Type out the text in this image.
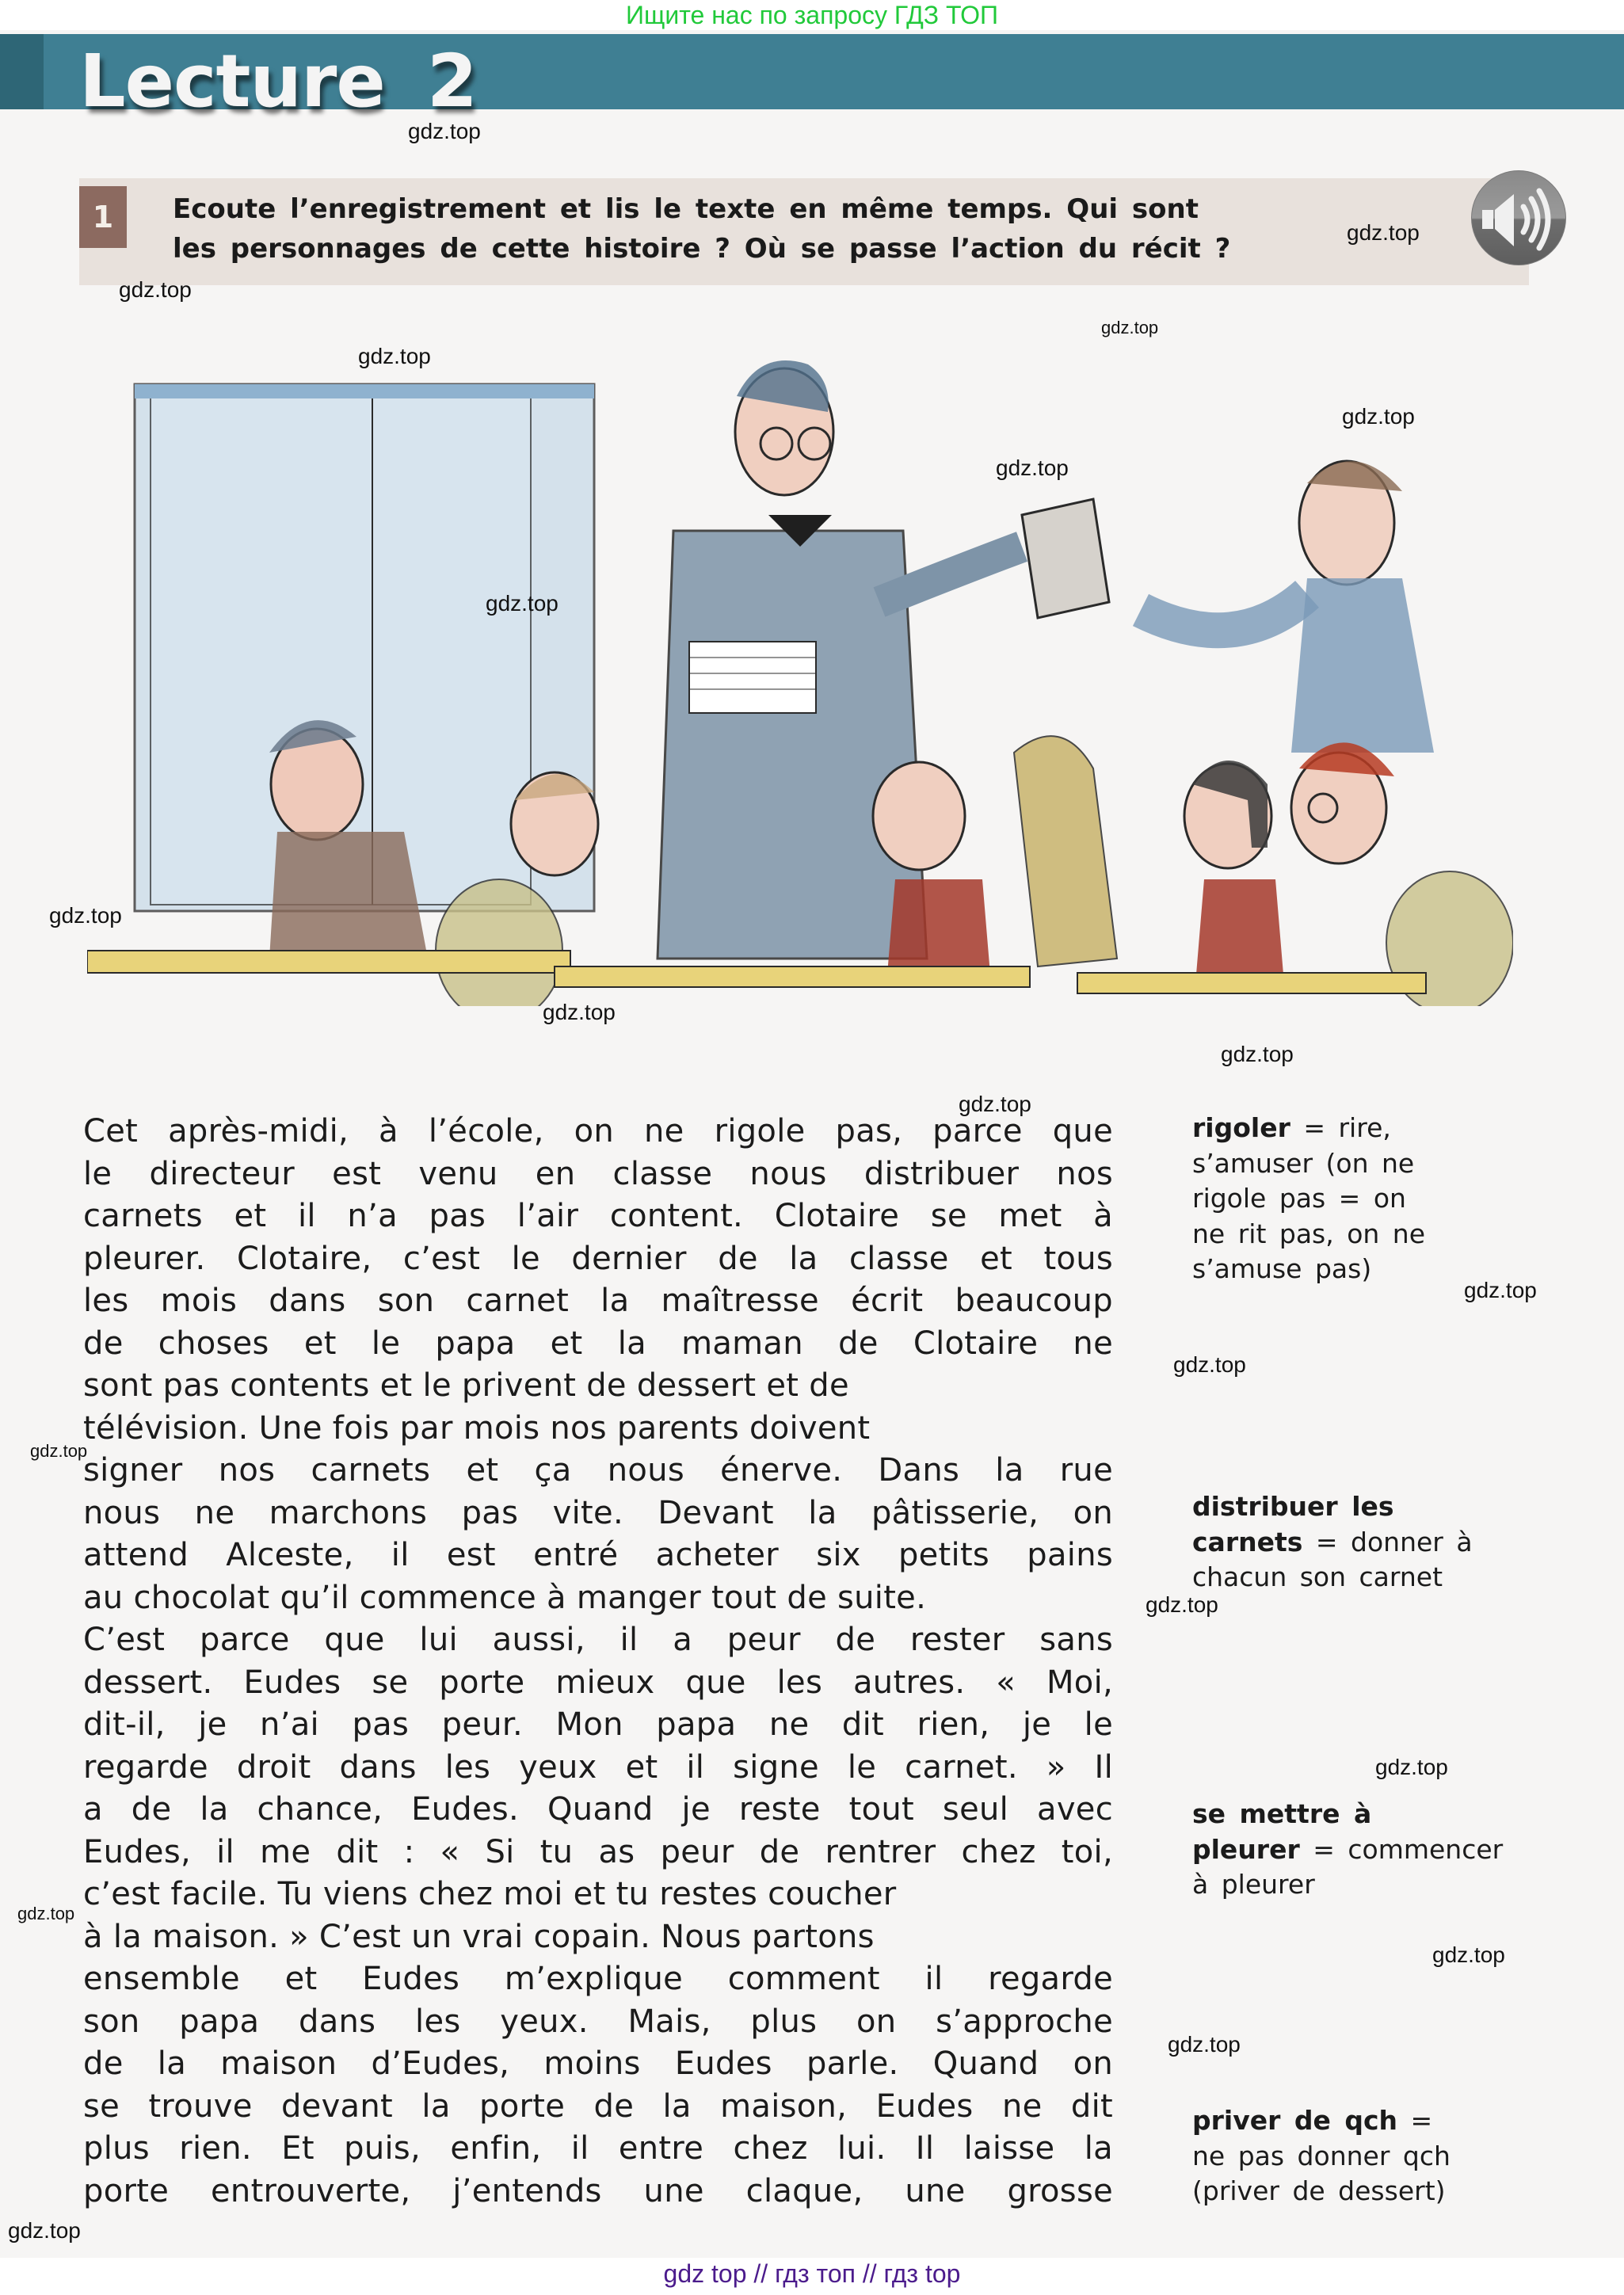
Ищите нас по запросу ГДЗ ТОП
Lecture 2
1	Ecoute l’enregistrement et lis le texte en même temps. Qui sont
les personnages de cette histoire ? Où se passe l’action du récit ?
Cet après-midi, à l’école, on ne rigole pas, parce que
le directeur est venu en classe nous distribuer nos
carnets et il n’a pas l’air content. Clotaire se met à
pleurer. Clotaire, c’est le dernier de la classe et tous
les mois dans son carnet la maîtresse écrit beaucoup
de choses et le papa et la maman de Clotaire ne
sont pas contents et le privent de dessert et de
télévision. Une fois par mois nos parents doivent
signer nos carnets et ça nous énerve. Dans la rue
nous ne marchons pas vite. Devant la pâtisserie, on
attend Alceste, il est entré acheter six petits pains
au chocolat qu’il commence à manger tout de suite.
C’est parce que lui aussi, il a peur de rester sans
dessert. Eudes se porte mieux que les autres. « Moi,
dit-il, je n’ai pas peur. Mon papa ne dit rien, je le
regarde droit dans les yeux et il signe le carnet. » Il
a de la chance, Eudes. Quand je reste tout seul avec
Eudes, il me dit : « Si tu as peur de rentrer chez toi,
c’est facile. Tu viens chez moi et tu restes coucher
à la maison. » C’est un vrai copain. Nous partons
ensemble et Eudes m’explique comment il regarde
son papa dans les yeux. Mais, plus on s’approche
de la maison d’Eudes, moins Eudes parle. Quand on
se trouve devant la porte de la maison, Eudes ne dit
plus rien. Et puis, enfin, il entre chez lui. Il laisse la
porte entrouverte, j’entends une claque, une grosse
rigoler = rire,
s’amuser (on ne
rigole pas = on
ne rit pas, on ne
s’amuse pas)
distribuer les
carnets = donner à
chacun son carnet
se mettre à
pleurer = commencer
à pleurer
priver de qch =
ne pas donner qch
(priver de dessert)
gdz.top
gdz.top
gdz.top
gdz.top
gdz.top
gdz.top
gdz.top
gdz.top
gdz.top
gdz.top
gdz.top
gdz.top
gdz.top
gdz.top
gdz.top
gdz.top
gdz.top
gdz.top
gdz.top
gdz.top
gdz.top
gdz top // гдз топ // гдз top
